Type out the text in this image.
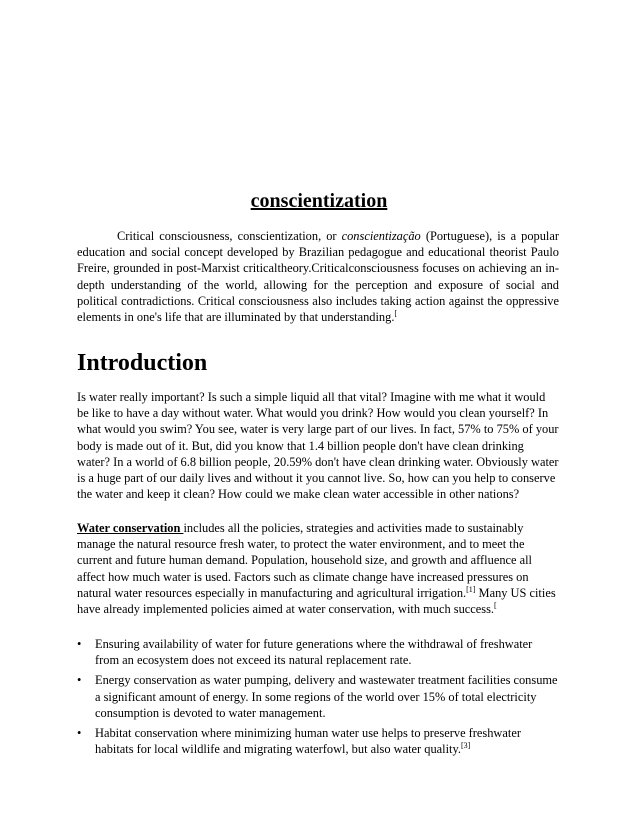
conscientization
Critical consciousness, conscientization, or conscientização (Portuguese), is a popular education and social concept developed by Brazilian pedagogue and educational theorist Paulo Freire, grounded in post-Marxist criticaltheory.Criticalconsciousness focuses on achieving an in-depth understanding of the world, allowing for the perception and exposure of social and political contradictions. Critical consciousness also includes taking action against the oppressive elements in one's life that are illuminated by that understanding.[
Introduction
Is water really important? Is such a simple liquid all that vital? Imagine with me what it would be like to have a day without water. What would you drink? How would you clean yourself? In what would you swim? You see, water is very large part of our lives. In fact, 57% to 75% of your body is made out of it. But, did you know that 1.4 billion people don't have clean drinking water? In a world of 6.8 billion people, 20.59% don't have clean drinking water. Obviously water is a huge part of our daily lives and without it you cannot live. So, how can you help to conserve the water and keep it clean? How could we make clean water accessible in other nations?
Water conservation includes all the policies, strategies and activities made to sustainably manage the natural resource fresh water, to protect the water environment, and to meet the current and future human demand. Population, household size, and growth and affluence all affect how much water is used. Factors such as climate change have increased pressures on natural water resources especially in manufacturing and agricultural irrigation.[1] Many US cities have already implemented policies aimed at water conservation, with much success.[
• Ensuring availability of water for future generations where the withdrawal of freshwater from an ecosystem does not exceed its natural replacement rate.
• Energy conservation as water pumping, delivery and wastewater treatment facilities consume a significant amount of energy. In some regions of the world over 15% of total electricity consumption is devoted to water management.
• Habitat conservation where minimizing human water use helps to preserve freshwater habitats for local wildlife and migrating waterfowl, but also water quality.[3]
